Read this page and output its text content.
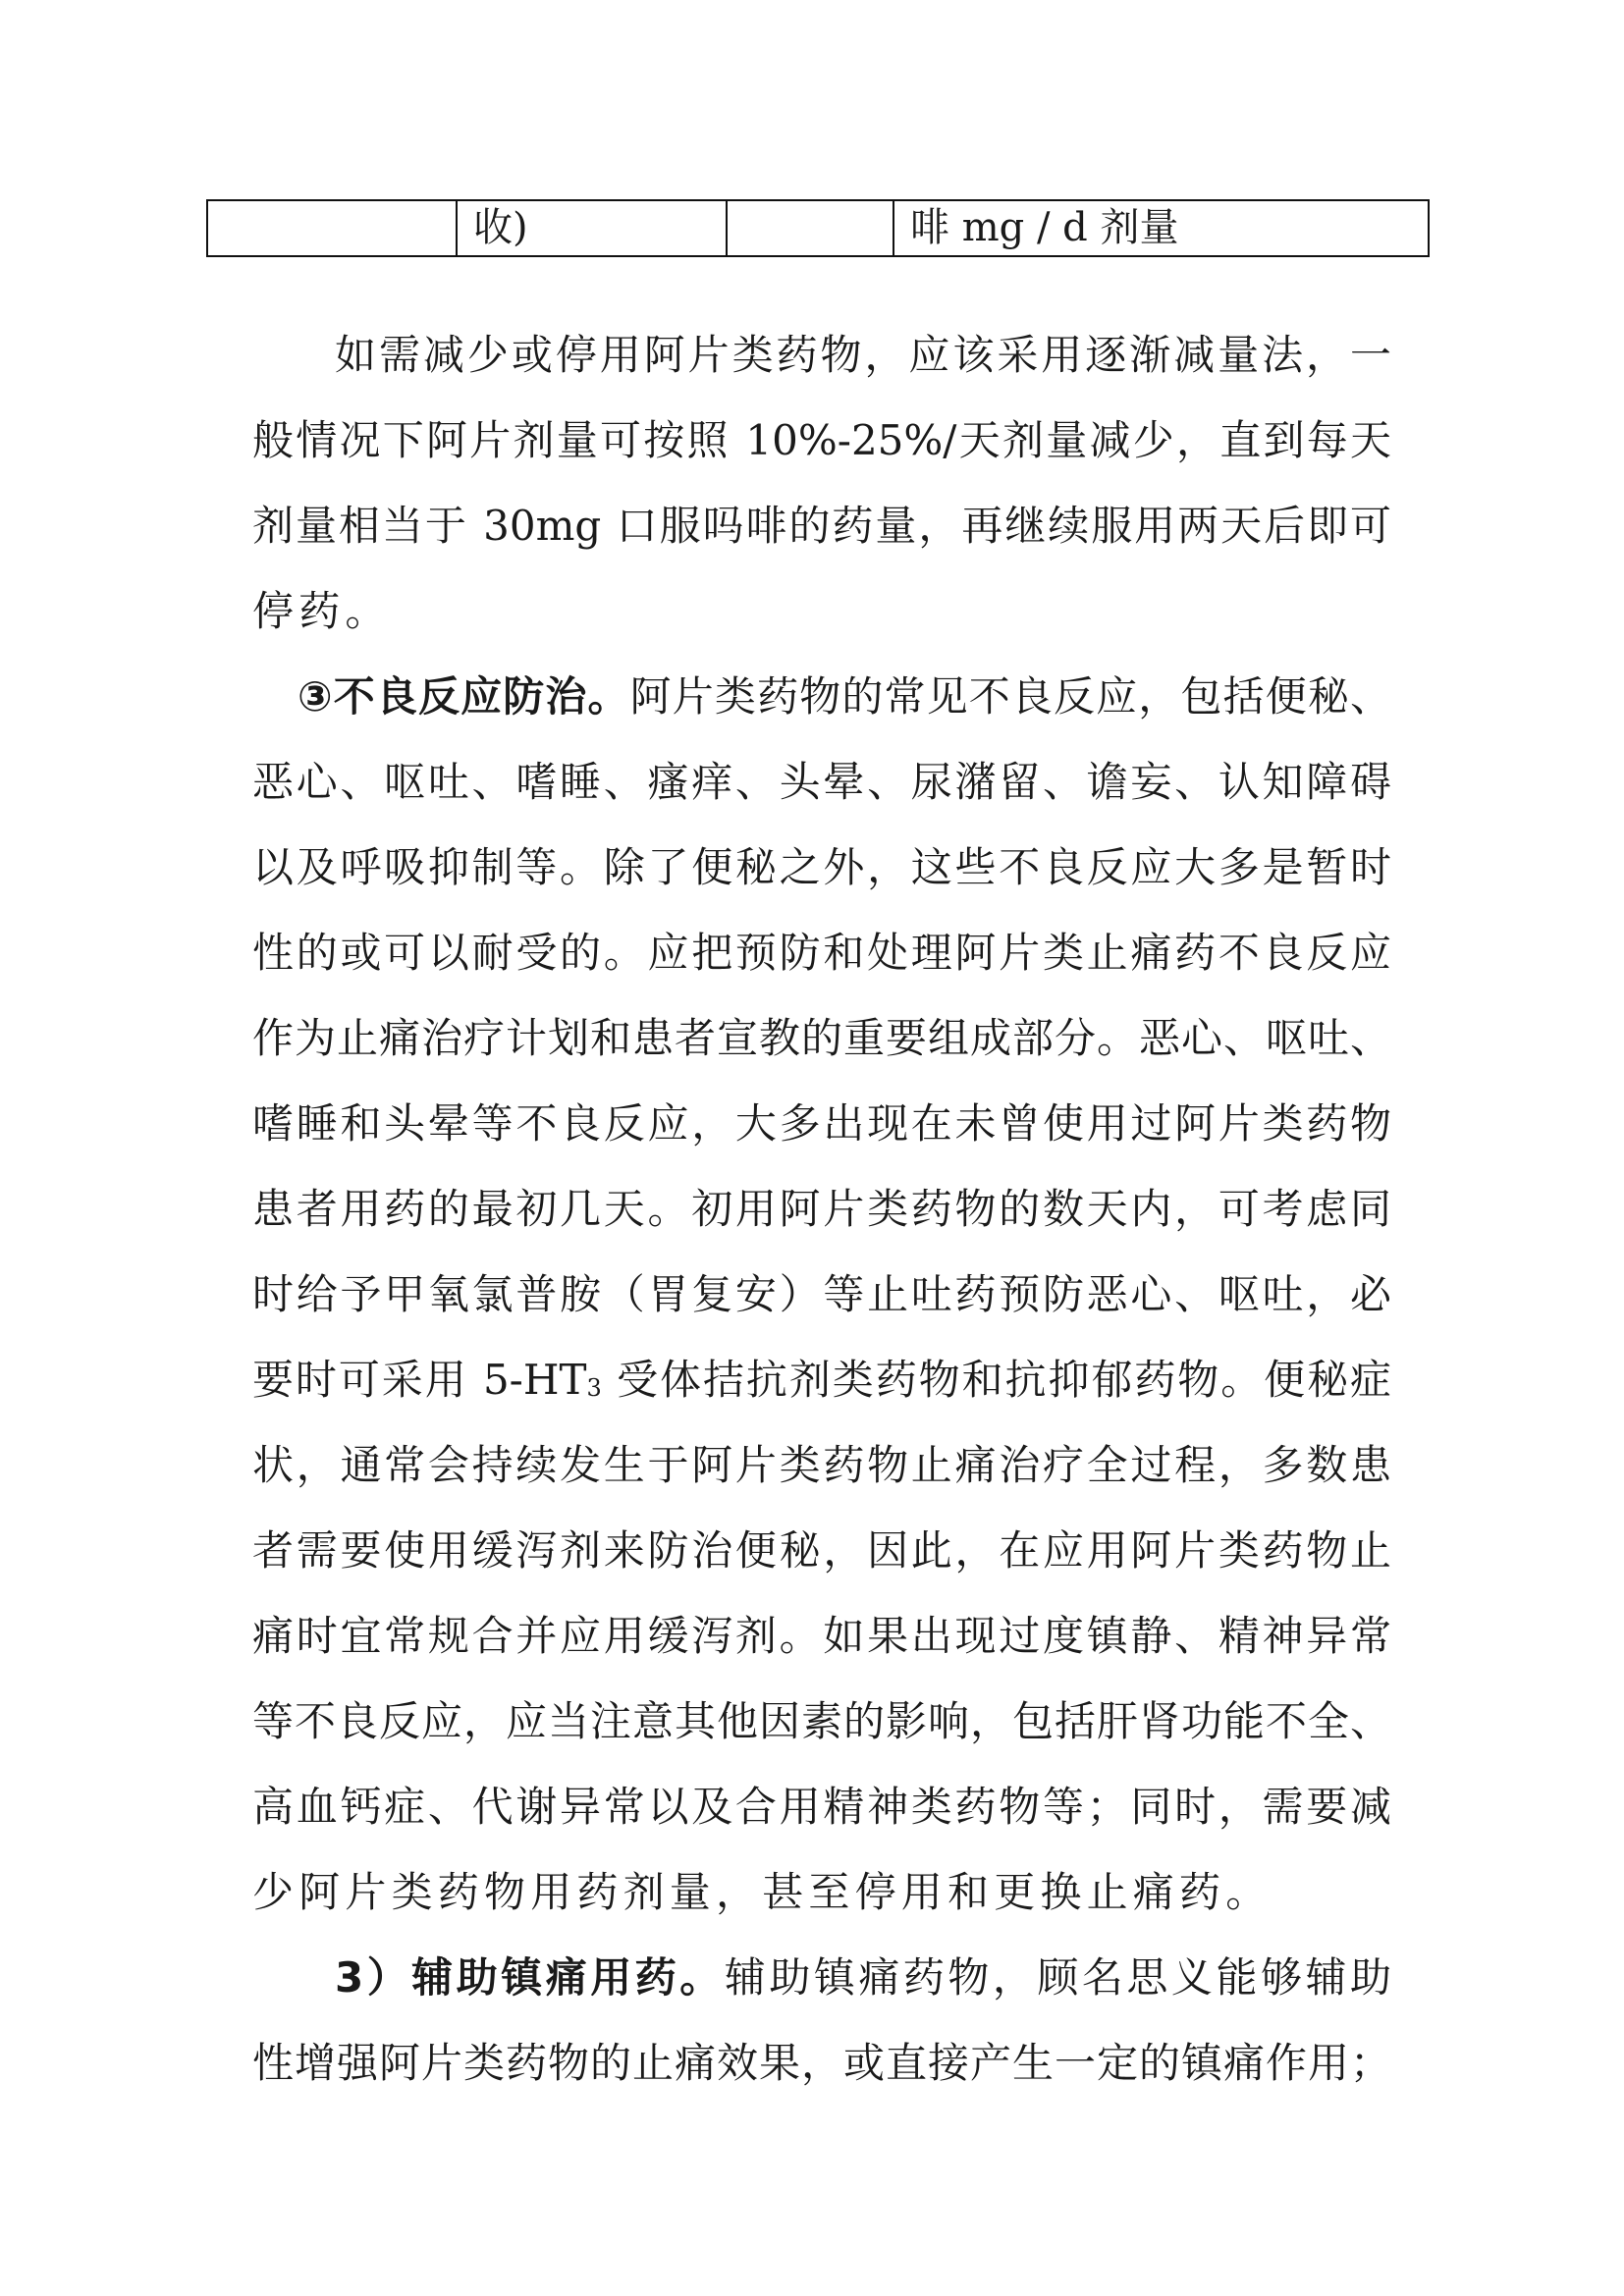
	收)		啡 mg / d 剂量
如需减少或停用阿片类药物，应该采用逐渐减量法，一
般情况下阿片剂量可按照 10%-25%/天剂量减少，直到每天
剂量相当于 30mg 口服吗啡的药量，再继续服用两天后即可
停药。
③不良反应防治。阿片类药物的常见不良反应，包括便秘、
恶心、呕吐、嗜睡、瘙痒、头晕、尿潴留、谵妄、认知障碍
以及呼吸抑制等。除了便秘之外，这些不良反应大多是暂时
性的或可以耐受的。应把预防和处理阿片类止痛药不良反应
作为止痛治疗计划和患者宣教的重要组成部分。恶心、呕吐、
嗜睡和头晕等不良反应，大多出现在未曾使用过阿片类药物
患者用药的最初几天。初用阿片类药物的数天内，可考虑同
时给予甲氧氯普胺（胃复安）等止吐药预防恶心、呕吐，必
要时可采用 $5-HT_3$ 受体拮抗剂类药物和抗抑郁药物。便秘症
状，通常会持续发生于阿片类药物止痛治疗全过程，多数患
者需要使用缓泻剂来防治便秘，因此，在应用阿片类药物止
痛时宜常规合并应用缓泻剂。如果出现过度镇静、精神异常
等不良反应，应当注意其他因素的影响，包括肝肾功能不全、
高血钙症、代谢异常以及合用精神类药物等；同时，需要减
少阿片类药物用药剂量，甚至停用和更换止痛药。
3）辅助镇痛用药。辅助镇痛药物，顾名思义能够辅助
性增强阿片类药物的止痛效果，或直接产生一定的镇痛作用；
